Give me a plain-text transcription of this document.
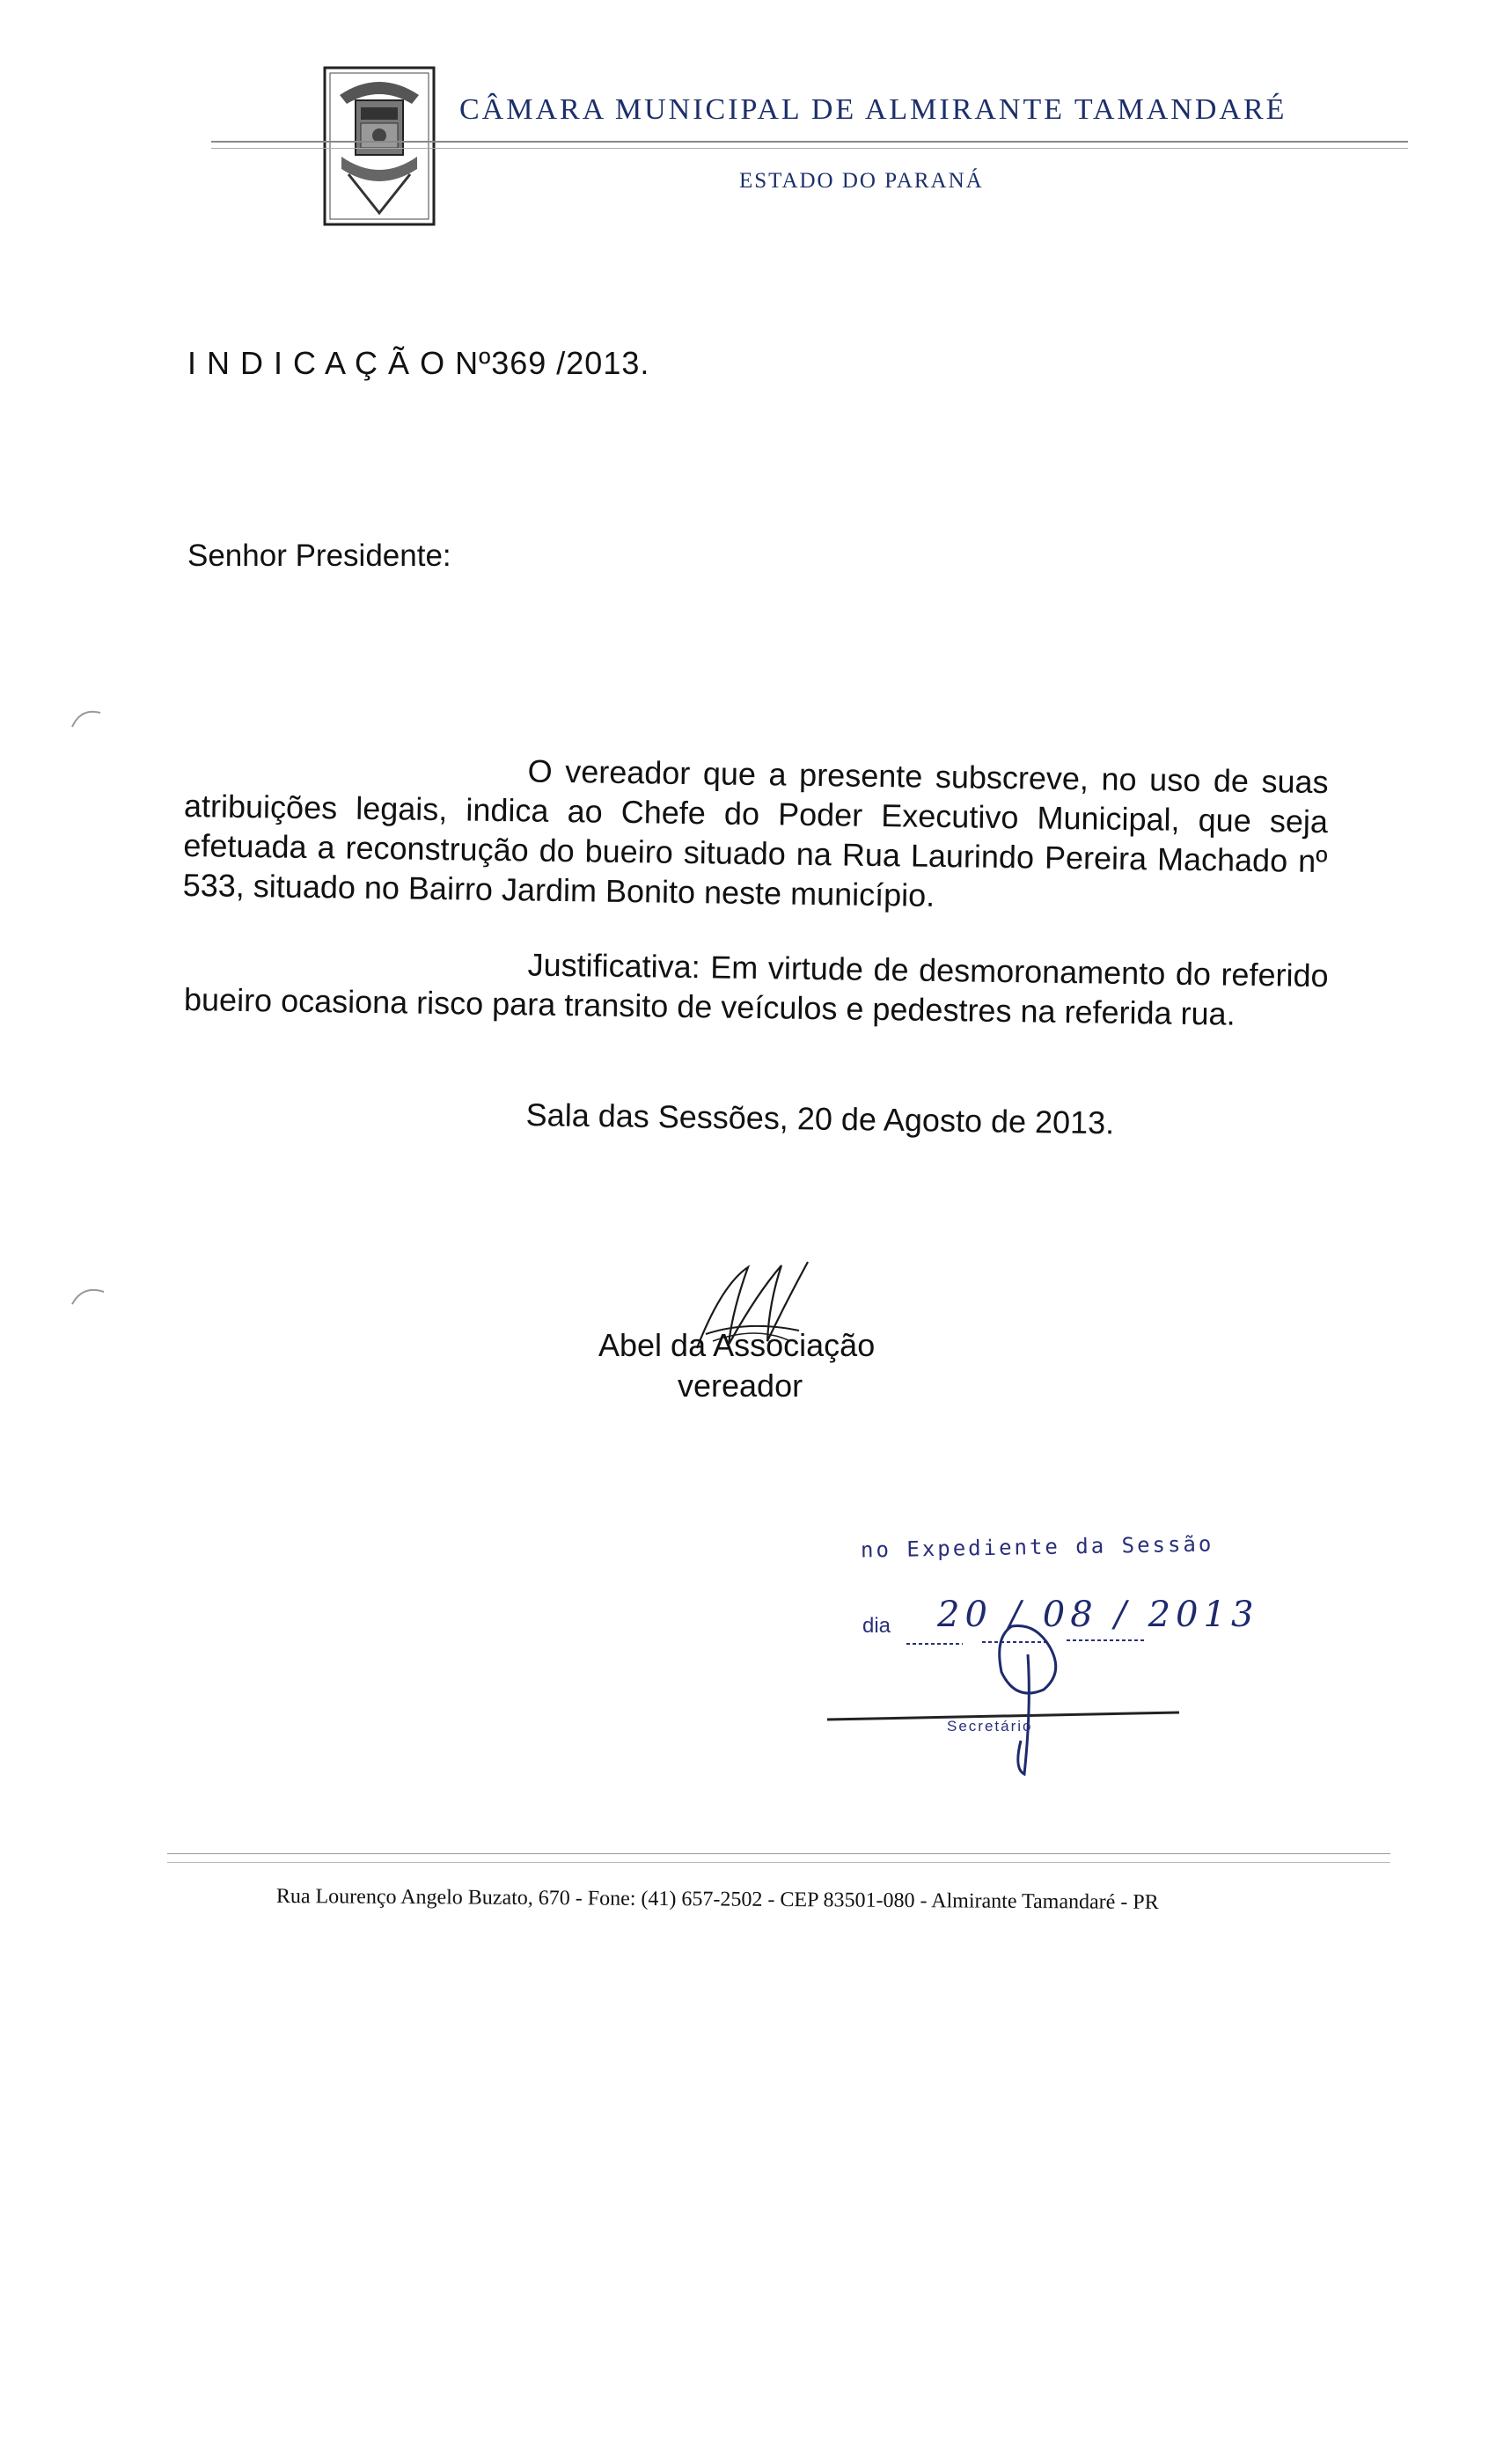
CÂMARA MUNICIPAL DE ALMIRANTE TAMANDARÉ
ESTADO DO PARANÁ
I N D I C A Ç Ã O Nº369 /2013.
Senhor Presidente:

O vereador que a presente subscreve, no uso de suas atribuições legais, indica ao Chefe do Poder Executivo Municipal, que seja efetuada a reconstrução do bueiro situado na Rua Laurindo Pereira Machado nº 533, situado no Bairro Jardim Bonito neste município.

Justificativa: Em virtude de desmoronamento do referido bueiro ocasiona risco para transito de veículos e pedestres na referida rua.

Sala das Sessões, 20 de Agosto de 2013.
Abel da Associação
vereador
no Expediente da Sessão
dia 20 / 08 / 2013
Secretário
Rua Lourenço Angelo Buzato, 670 - Fone: (41) 657-2502 - CEP 83501-080 - Almirante Tamandaré - PR
